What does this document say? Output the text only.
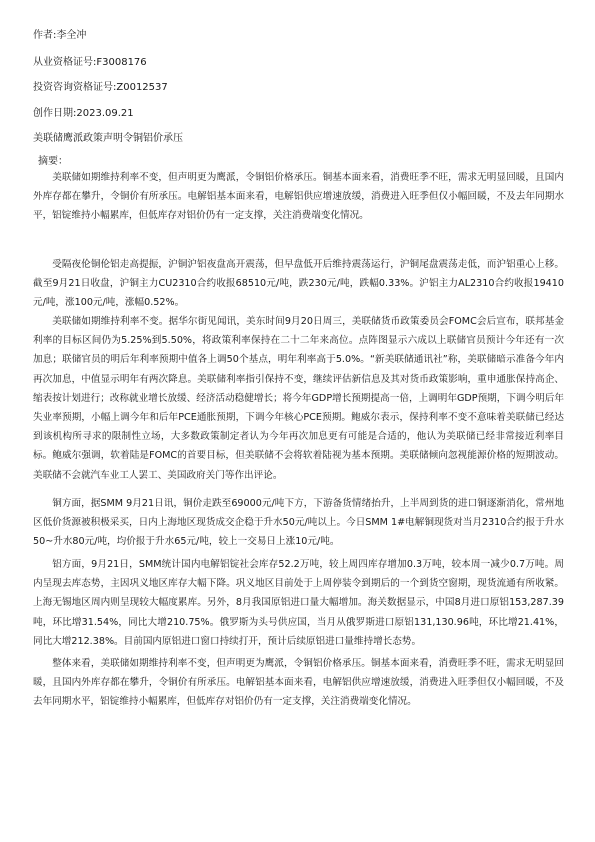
作者:李全冲
从业资格证号:F3008176
投资咨询资格证号:Z0012537
创作日期:2023.09.21
美联储鹰派政策声明令铜铝价承压
摘要：

美联储如期维持利率不变，但声明更为鹰派，令铜铝价格承压。铜基本面来看，消费旺季不旺，需求无明显回暖，且国内外库存都在攀升，令铜价有所承压。电解铝基本面来看，电解铝供应增速放缓，消费进入旺季但仅小幅回暖，不及去年同期水平，铝锭维持小幅累库，但低库存对铝价仍有一定支撑，关注消费端变化情况。

受隔夜伦铜伦铝走高提振，沪铜沪铝夜盘高开震荡，但早盘低开后维持震荡运行，沪铜尾盘震荡走低，而沪铝重心上移。截至9月21日收盘，沪铜主力CU2310合约收报68510元/吨，跌230元/吨，跌幅0.33%。沪铝主力AL2310合约收报19410元/吨，涨100元/吨，涨幅0.52%。

美联储如期维持利率不变。据华尔街见闻讯，美东时间9月20日周三，美联储货币政策委员会FOMC会后宣布，联邦基金利率的目标区间仍为5.25%到5.50%，将政策利率保持在二十二年来高位。点阵图显示六成以上联储官员预计今年还有一次加息；联储官员的明后年利率预期中值各上调50个基点，明年利率高于5.0%。“新美联储通讯社”称，美联储暗示准备今年内再次加息，中值显示明年有两次降息。美联储利率指引保持不变，继续评估新信息及其对货币政策影响，重申通胀保持高企、缩表按计划进行；改称就业增长放缓、经济活动稳健增长；将今年GDP增长预期提高一倍，上调明年GDP预期，下调今明后年失业率预期，小幅上调今年和后年PCE通胀预期，下调今年核心PCE预期。鲍威尔表示，保持利率不变不意味着美联储已经达到该机构所寻求的限制性立场，大多数政策制定者认为今年再次加息更有可能是合适的，他认为美联储已经非常接近利率目标。鲍威尔强调，软着陆是FOMC的首要目标，但美联储不会将软着陆视为基本预期。美联储倾向忽视能源价格的短期波动。美联储不会就汽车业工人罢工、美国政府关门等作出评论。

铜方面，据SMM 9月21日讯，铜价走跌至69000元/吨下方，下游备货情绪抬升，上半周到货的进口铜逐渐消化，常州地区低价货源被积极采买，日内上海地区现货成交企稳于升水50元/吨以上。今日SMM 1#电解铜现货对当月2310合约报于升水50~升水80元/吨，均价报于升水65元/吨，较上一交易日上涨10元/吨。

铝方面，9月21日，SMM统计国内电解铝锭社会库存52.2万吨，较上周四库存增加0.3万吨，较本周一减少0.7万吨。周内呈现去库态势，主因巩义地区库存大幅下降。巩义地区目前处于上周停装令到期后的一个到货空窗期，现货流通有所收紧。上海无锡地区周内则呈现较大幅度累库。另外，8月我国原铝进口量大幅增加。海关数据显示，中国8月进口原铝153,287.39吨，环比增31.54%，同比大增210.75%。俄罗斯为头号供应国，当月从俄罗斯进口原铝131,130.96吨，环比增21.41%，同比大增212.38%。目前国内原铝进口窗口持续打开，预计后续原铝进口量维持增长态势。

整体来看，美联储如期维持利率不变，但声明更为鹰派，令铜铝价格承压。铜基本面来看，消费旺季不旺，需求无明显回暖，且国内外库存都在攀升，令铜价有所承压。电解铝基本面来看，电解铝供应增速放缓，消费进入旺季但仅小幅回暖，不及去年同期水平，铝锭维持小幅累库，但低库存对铝价仍有一定支撑，关注消费端变化情况。
